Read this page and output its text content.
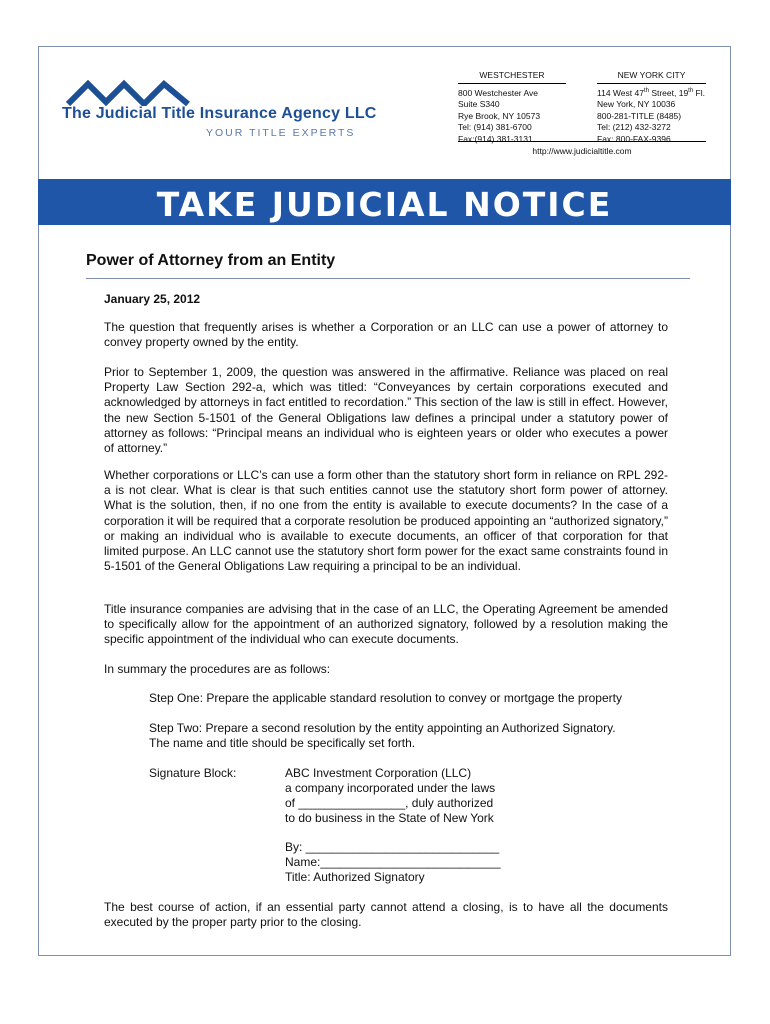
The Judicial Title Insurance Agency LLC
YOUR TITLE EXPERTS
WESTCHESTER
800 Westchester Ave
Suite S340
Rye Brook, NY 10573
Tel: (914) 381-6700
Fax:(914) 381-3131
NEW YORK CITY
114 West 47th Street, 19th Fl.
New York, NY 10036
800-281-TITLE (8485)
Tel: (212) 432-3272
Fax: 800-FAX-9396
http://www.judicialtitle.com
TAKE JUDICIAL NOTICE
Power of Attorney from an Entity
January 25, 2012
The question that frequently arises is whether a Corporation or an LLC can use a power of attorney to convey property owned by the entity.
Prior to September 1, 2009, the question was answered in the affirmative. Reliance was placed on real Property Law Section 292-a, which was titled: “Conveyances by certain corporations executed and acknowledged by attorneys in fact entitled to recordation.” This section of the law is still in effect. However, the new Section 5-1501 of the General Obligations law defines a principal under a statutory power of attorney as follows: “Principal means an individual who is eighteen years or older who executes a power of attorney.”
Whether corporations or LLC’s can use a form other than the statutory short form in reliance on RPL 292-a is not clear. What is clear is that such entities cannot use the statutory short form power of attorney. What is the solution, then, if no one from the entity is available to execute documents? In the case of a corporation it will be required that a corporate resolution be produced appointing an “authorized signatory,” or making an individual who is available to execute documents, an officer of that corporation for that limited purpose. An LLC cannot use the statutory short form power for the exact same constraints found in 5-1501 of the General Obligations Law requiring a principal to be an individual.
Title insurance companies are advising that in the case of an LLC, the Operating Agreement be amended to specifically allow for the appointment of an authorized signatory, followed by a resolution making the specific appointment of the individual who can execute documents.
In summary the procedures are as follows:
Step One: Prepare the applicable standard resolution to convey or mortgage the property
Step Two: Prepare a second resolution by the entity appointing an Authorized Signatory.
The name and title should be specifically set forth.
Signature Block:	ABC Investment Corporation (LLC)
a company incorporated under the laws
of ________________, duly authorized
to do business in the State of New York
By: _____________________________
Name:___________________________
Title: Authorized Signatory
The best course of action, if an essential party cannot attend a closing, is to have all the documents executed by the proper party prior to the closing.
